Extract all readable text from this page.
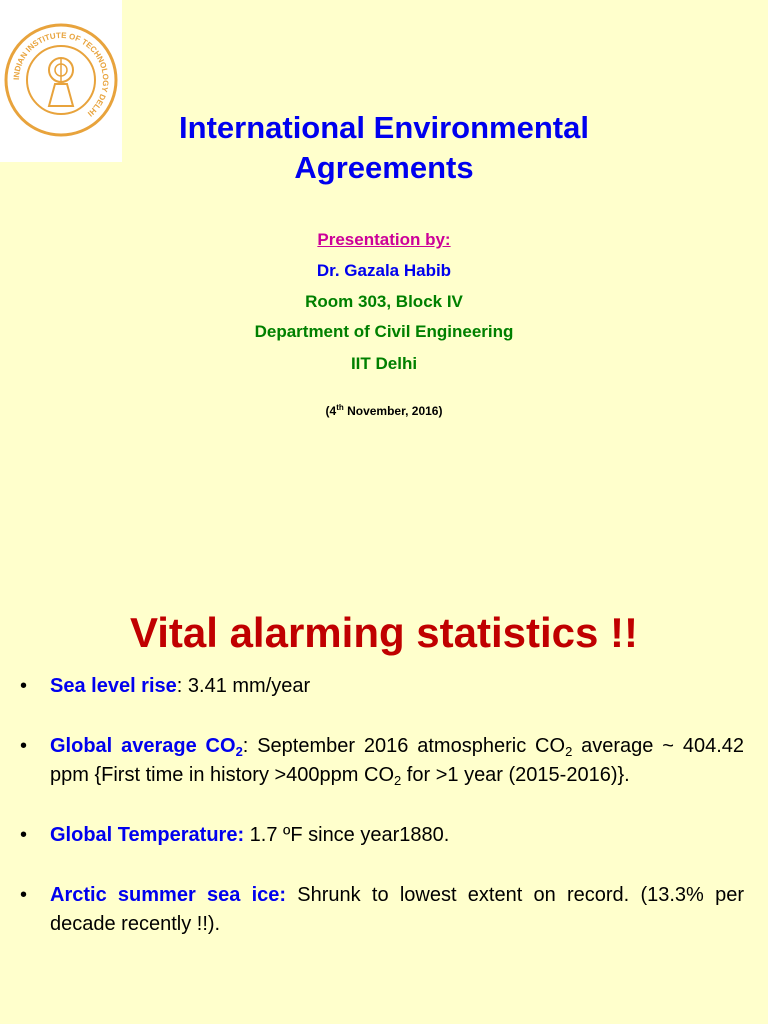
INDIAN INSTITUTE OF TECHNOLOGY DELHI	International Environmental
Agreements
Presentation by:
Dr. Gazala Habib
Room 303, Block IV
Department of Civil Engineering
IIT Delhi
(4th November, 2016)
Vital alarming statistics !!
• Sea level rise: 3.41 mm/year
• Global average $CO_2$: September 2016 atmospheric $CO_2$ average ~ 404.42 ppm {First time in history >400ppm $CO_2$ for >1 year (2015-2016)}.
• Global Temperature: 1.7 ºF since year1880.
• Arctic summer sea ice: Shrunk to lowest extent on record. (13.3% per decade recently !!).
